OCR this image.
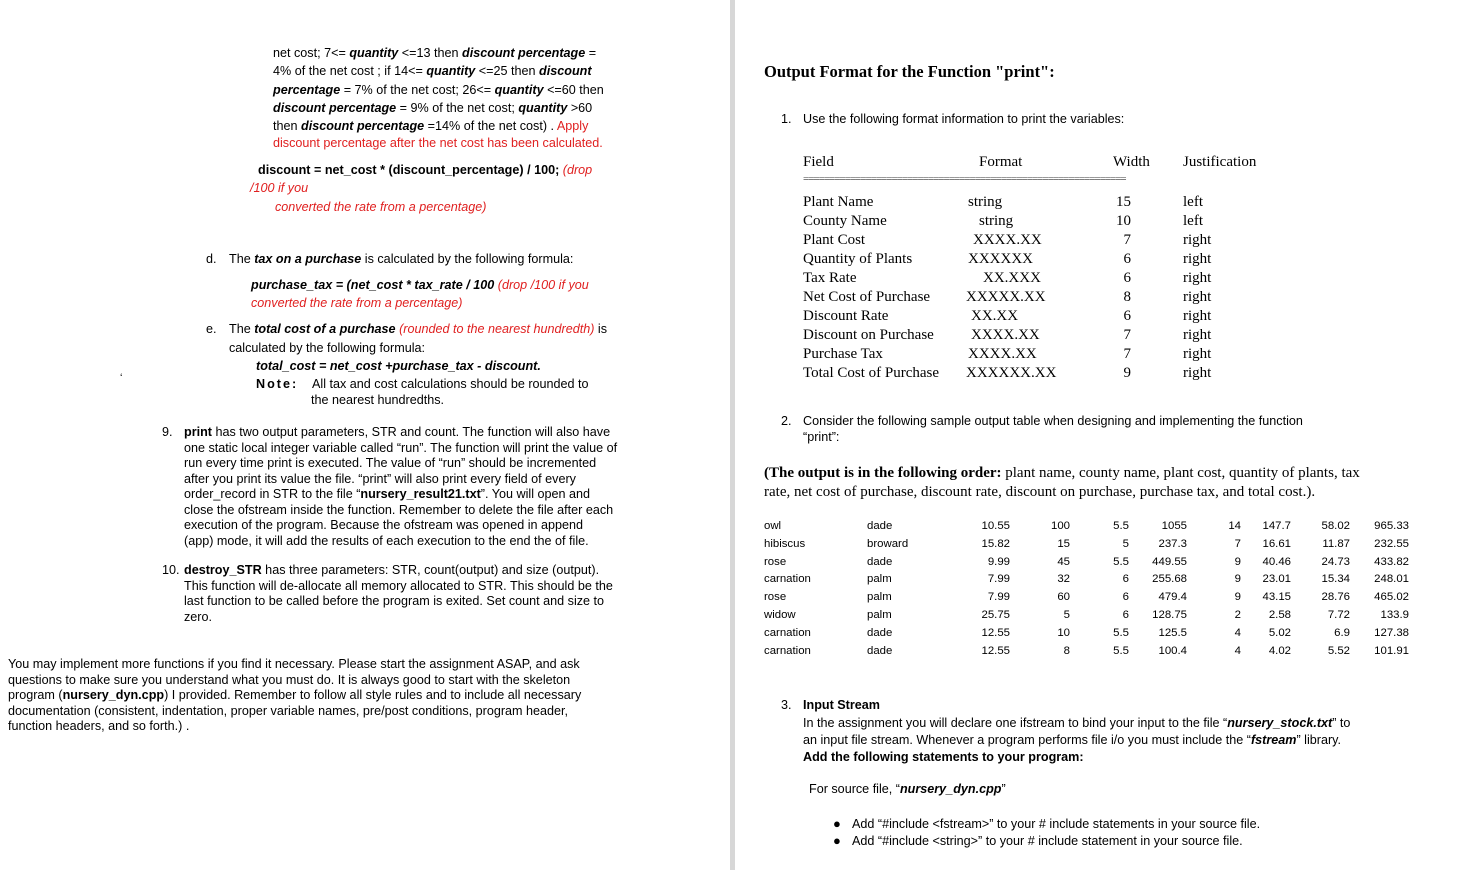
net cost; 7<= quantity <=13 then discount percentage =
4% of the net cost ; if 14<= quantity <=25 then discount
percentage = 7% of the net cost; 26<= quantity <=60 then
discount percentage = 9% of the net cost; quantity >60
then discount percentage =14% of the net cost) . Apply
discount percentage after the net cost has been calculated.
discount = net_cost * (discount_percentage) / 100; (drop
/100 if you
converted the rate from a percentage)
d. The tax on a purchase is calculated by the following formula:
purchase_tax = (net_cost * tax_rate / 100 (drop /100 if you
converted the rate from a percentage)
e. The total cost of a purchase (rounded to the nearest hundredth) is
calculated by the following formula:
total_cost = net_cost +purchase_tax - discount.
Note: All tax and cost calculations should be rounded to
the nearest hundredths.
‘
9. print has two output parameters, STR and count. The function will also have
one static local integer variable called “run”. The function will print the value of
run every time print is executed. The value of “run” should be incremented
after you print its value the file. “print” will also print every field of every
order_record in STR to the file “nursery_result21.txt”. You will open and
close the ofstream inside the function. Remember to delete the file after each
execution of the program. Because the ofstream was opened in append
(app) mode, it will add the results of each execution to the end the of file.
10. destroy_STR has three parameters: STR, count(output) and size (output).
This function will de-allocate all memory allocated to STR. This should be the
last function to be called before the program is exited. Set count and size to
zero.
You may implement more functions if you find it necessary. Please start the assignment ASAP, and ask
questions to make sure you understand what you must do. It is always good to start with the skeleton
program (nursery_dyn.cpp) I provided. Remember to follow all style rules and to include all necessary
documentation (consistent, indentation, proper variable names, pre/post conditions, program header,
function headers, and so forth.) .
Output Format for the Function "print":
1. Use the following format information to print the variables:
Field	Format	Width Justification
==============================================================
Plant Name	string	15	left
County Name	string	10	left
Plant Cost	XXXX.XX	7	right
Quantity of Plants	XXXXXX	6	right
Tax Rate	XX.XXX	6	right
Net Cost of Purchase XXXXX.XX	8	right
Discount Rate	XX.XX	6	right
Discount on Purchase XXXX.XX	7	right
Purchase Tax	XXXX.XX	7	right
Total Cost of Purchase XXXXXX.XX	9	right
2. Consider the following sample output table when designing and implementing the function
“print”:
(The output is in the following order: plant name, county name, plant cost, quantity of plants, tax
rate, net cost of purchase, discount rate, discount on purchase, purchase tax, and total cost.).
owl	dade	10.55	100	5.5	1055	14	147.7	58.02	965.33
hibiscus	broward	15.82	15	5	237.3	7	16.61	11.87	232.55
rose	dade	9.99	45	5.5	449.55	9	40.46	24.73	433.82
carnation	palm	7.99	32	6	255.68	9	23.01	15.34	248.01
rose	palm	7.99	60	6	479.4	9	43.15	28.76	465.02
widow	palm	25.75	5	6	128.75	2	2.58	7.72	133.9
carnation	dade	12.55	10	5.5	125.5	4	5.02	6.9	127.38
carnation	dade	12.55	8	5.5	100.4	4	4.02	5.52	101.91
3. Input Stream
In the assignment you will declare one ifstream to bind your input to the file “nursery_stock.txt” to
an input file stream. Whenever a program performs file i/o you must include the “fstream” library.
Add the following statements to your program:
For source file, “nursery_dyn.cpp”
● Add “#include <fstream>” to your # include statements in your source file.
● Add “#include <string>” to your # include statement in your source file.
